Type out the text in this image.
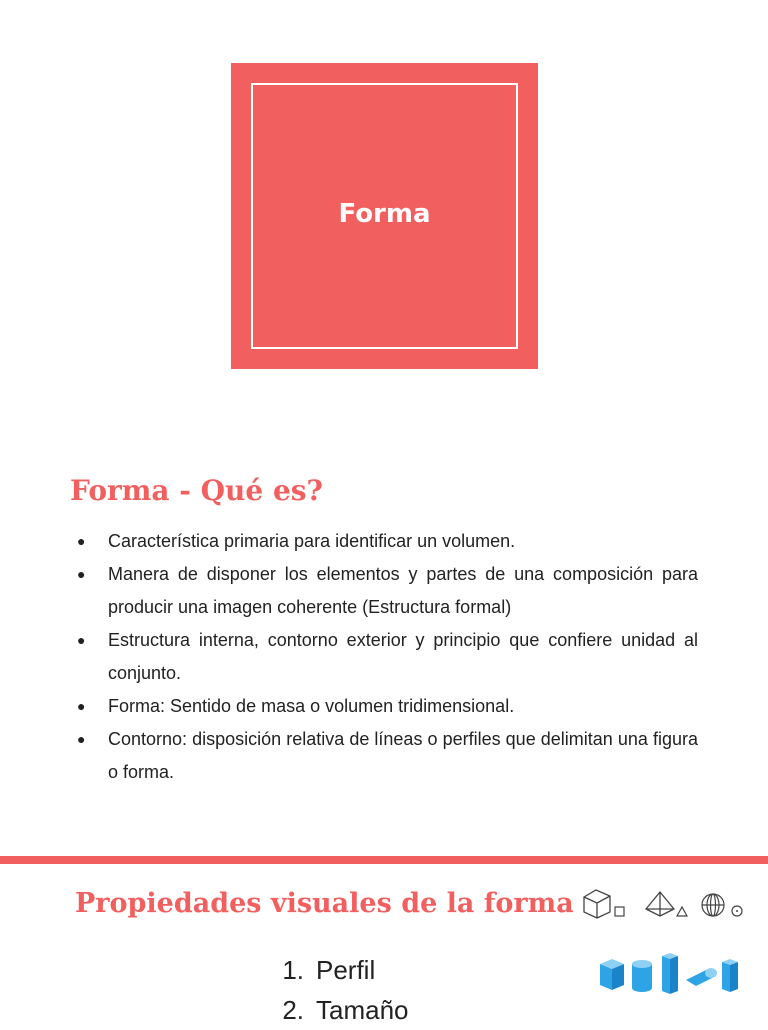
Forma
Forma - Qué es?
● Característica primaria para identificar un volumen.
● Manera de disponer los elementos y partes de una composición para producir una imagen coherente (Estructura formal)
● Estructura interna, contorno exterior y principio que confiere unidad al conjunto.
● Forma: Sentido de masa o volumen tridimensional.
● Contorno: disposición relativa de líneas o perfiles que delimitan una figura o forma.
Propiedades visuales de la forma
1. Perfil
2. Tamaño
